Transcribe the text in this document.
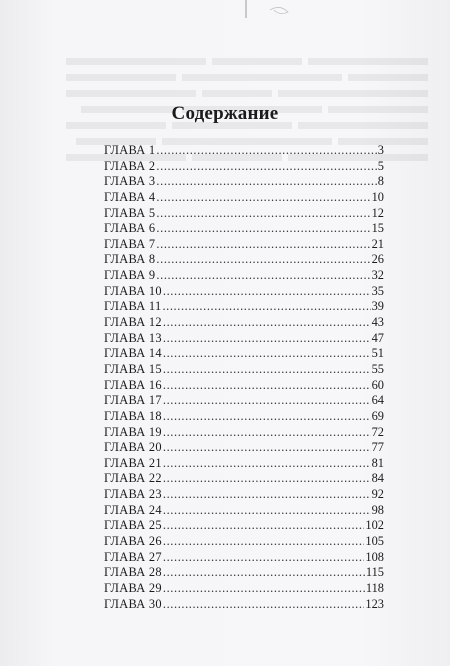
Содержание
ГЛАВА 1 .....	3
ГЛАВА 2 .....	5
ГЛАВА 3 .....	8
ГЛАВА 4 .....	10
ГЛАВА 5 .....	12
ГЛАВА 6 .....	15
ГЛАВА 7 .....	21
ГЛАВА 8 .....	26
ГЛАВА 9 .....	32
ГЛАВА 10 .....	35
ГЛАВА 11 .....	39
ГЛАВА 12 .....	43
ГЛАВА 13 .....	47
ГЛАВА 14 .....	51
ГЛАВА 15 .....	55
ГЛАВА 16 .....	60
ГЛАВА 17 .....	64
ГЛАВА 18 .....	69
ГЛАВА 19 .....	72
ГЛАВА 20 .....	77
ГЛАВА 21 .....	81
ГЛАВА 22 .....	84
ГЛАВА 23 .....	92
ГЛАВА 24 .....	98
ГЛАВА 25 .....	102
ГЛАВА 26 .....	105
ГЛАВА 27 .....	108
ГЛАВА 28 .....	115
ГЛАВА 29 .....	118
ГЛАВА 30 .....	123
